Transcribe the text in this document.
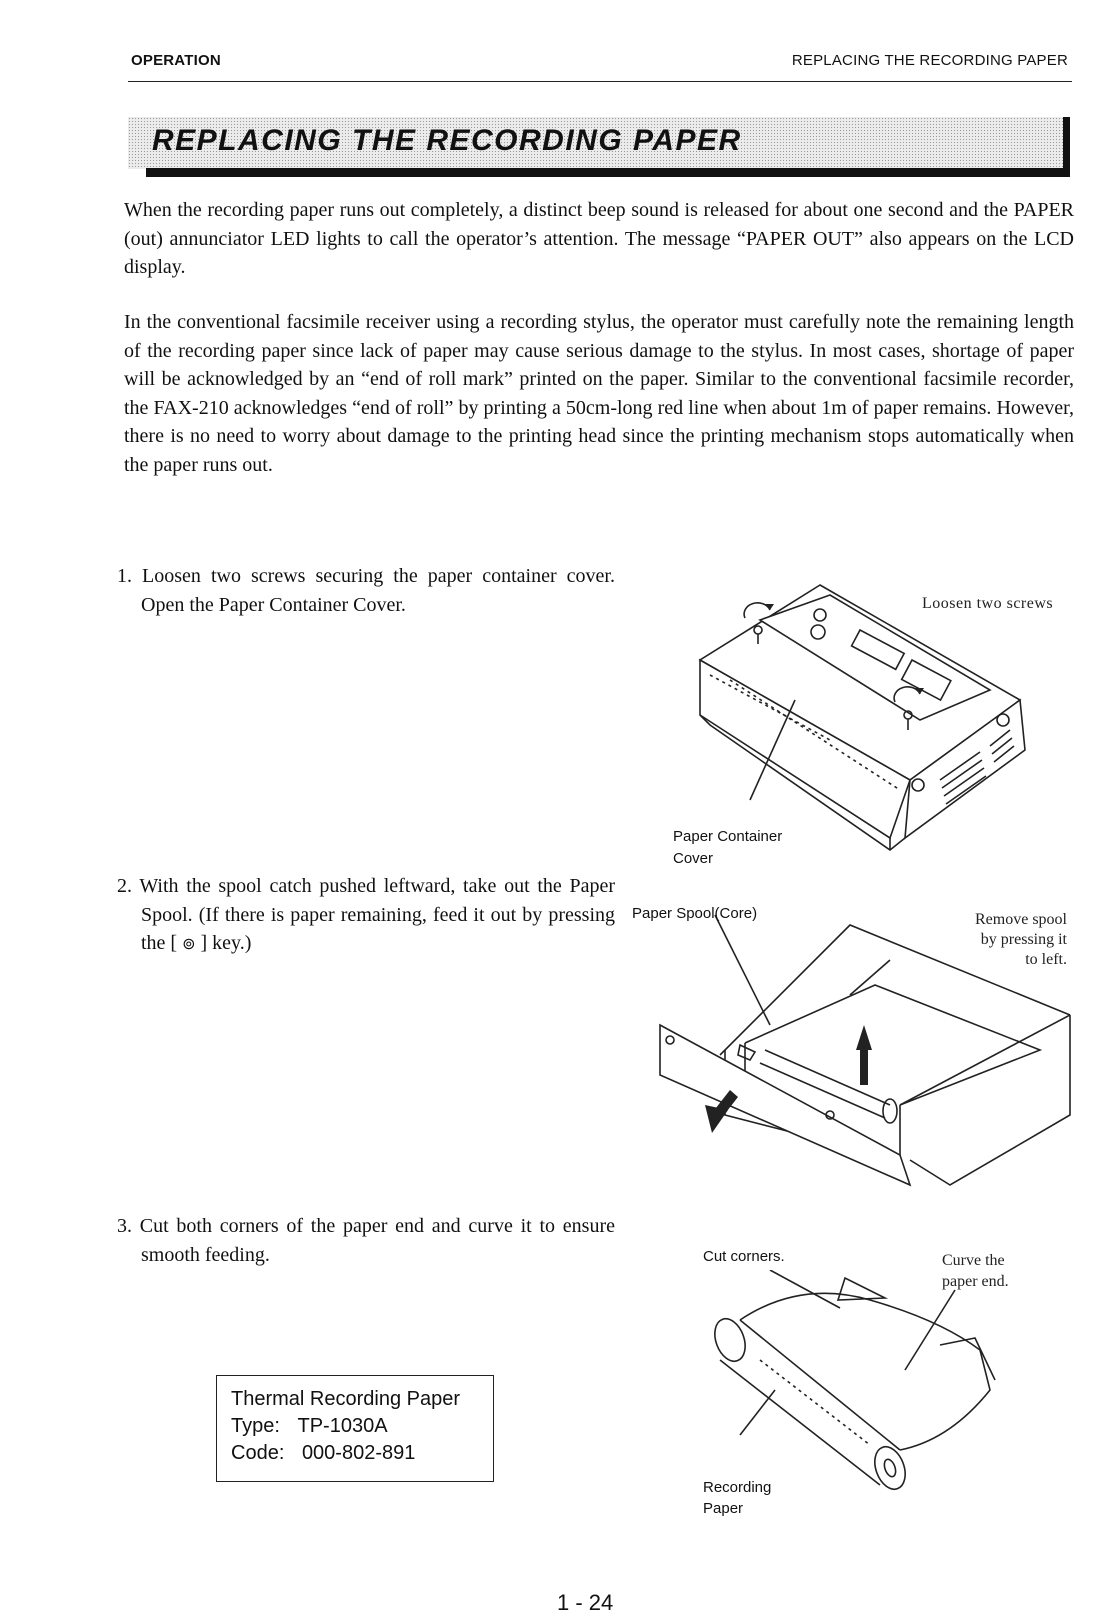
OPERATION	REPLACING THE RECORDING PAPER
REPLACING THE RECORDING PAPER
When the recording paper runs out completely, a distinct beep sound is released for about one second and the PAPER (out) annunciator LED lights to call the operator’s attention. The message “PAPER OUT” also appears on the LCD display.
In the conventional facsimile receiver using a recording stylus, the operator must carefully note the remaining length of the recording paper since lack of paper may cause serious damage to the stylus. In most cases, shortage of paper will be acknowledged by an “end of roll mark” printed on the paper. Similar to the conventional facsimile recorder, the FAX-210 acknowledges “end of roll” by printing a 50cm-long red line when about 1m of paper remains. However, there is no need to worry about damage to the printing head since the printing mechanism stops automatically when the paper runs out.
1. Loosen two screws securing the paper container cover. Open the Paper Container Cover.
2. With the spool catch pushed leftward, take out the Paper Spool. (If there is paper remaining, feed it out by pressing the [ ⊚ ] key.)
3. Cut both corners of the paper end and curve it to ensure smooth feeding.
Loosen two screws
Paper Container
Cover
Paper Spool(Core)	Remove spool
by pressing it
to left.
Cut corners.	Curve the
paper end.
Recording
Paper
Thermal Recording Paper
Type: TP-1030A
Code: 000-802-891
1 - 24
